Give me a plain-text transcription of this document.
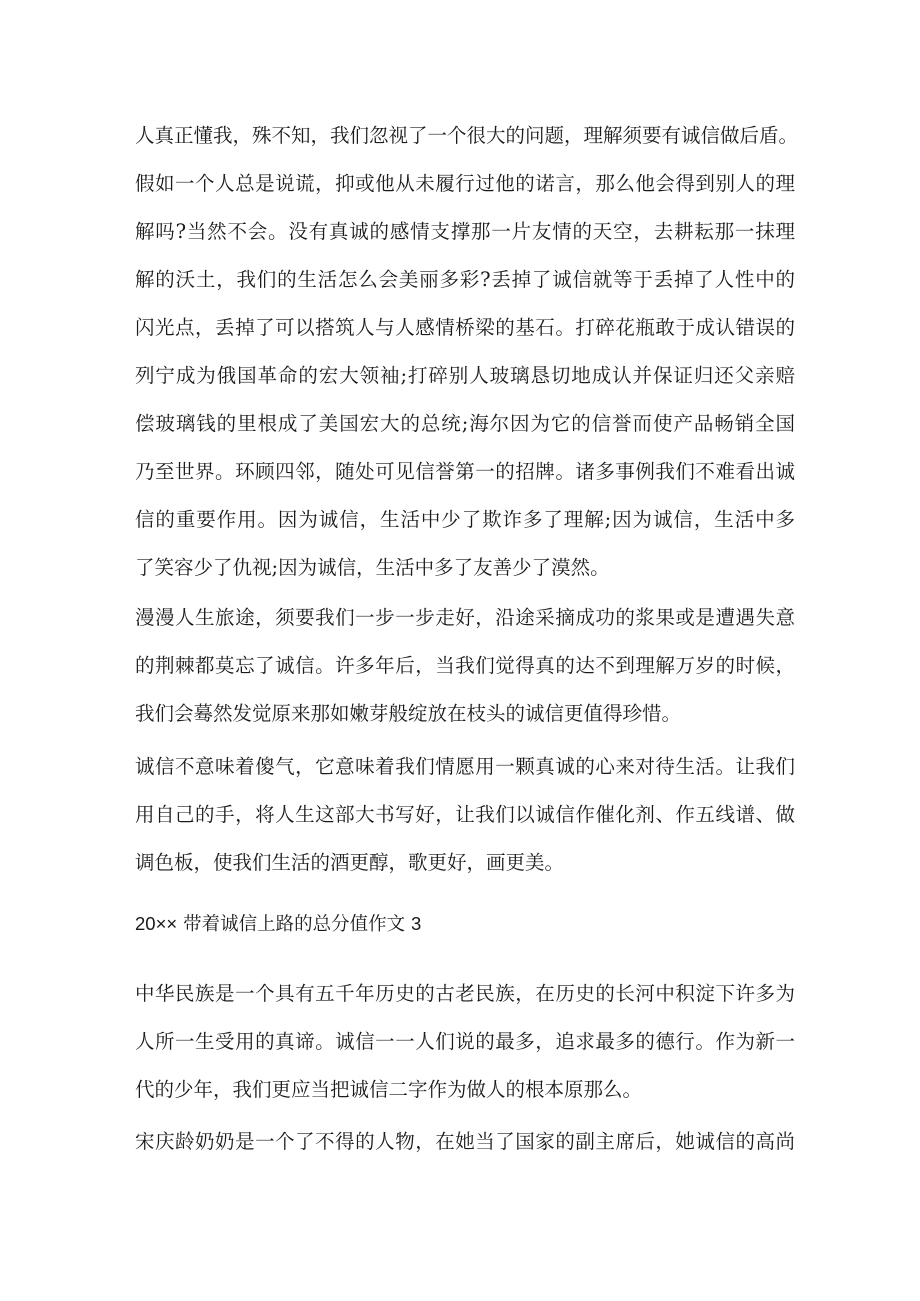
人真正懂我，殊不知，我们忽视了一个很大的问题，理解须要有诚信做后盾。
假如一个人总是说谎，抑或他从未履行过他的诺言，那么他会得到别人的理
解吗?当然不会。没有真诚的感情支撑那一片友情的天空，去耕耘那一抹理
解的沃土，我们的生活怎么会美丽多彩?丢掉了诚信就等于丢掉了人性中的
闪光点，丢掉了可以搭筑人与人感情桥梁的基石。打碎花瓶敢于成认错误的
列宁成为俄国革命的宏大领袖;打碎别人玻璃恳切地成认并保证归还父亲赔
偿玻璃钱的里根成了美国宏大的总统;海尔因为它的信誉而使产品畅销全国
乃至世界。环顾四邻，随处可见信誉第一的招牌。诸多事例我们不难看出诚
信的重要作用。因为诚信，生活中少了欺诈多了理解;因为诚信，生活中多
了笑容少了仇视;因为诚信，生活中多了友善少了漠然。
漫漫人生旅途，须要我们一步一步走好，沿途采摘成功的浆果或是遭遇失意
的荆棘都莫忘了诚信。许多年后，当我们觉得真的达不到理解万岁的时候，
我们会蓦然发觉原来那如嫩芽般绽放在枝头的诚信更值得珍惜。
诚信不意味着傻气，它意味着我们情愿用一颗真诚的心来对待生活。让我们
用自己的手，将人生这部大书写好，让我们以诚信作催化剂、作五线谱、做
调色板，使我们生活的酒更醇，歌更好，画更美。
20×× 带着诚信上路的总分值作文 3
中华民族是一个具有五千年历史的古老民族，在历史的长河中积淀下许多为
人所一生受用的真谛。诚信一一人们说的最多，追求最多的德行。作为新一
代的少年，我们更应当把诚信二字作为做人的根本原那么。
宋庆龄奶奶是一个了不得的人物，在她当了国家的副主席后，她诚信的高尚
